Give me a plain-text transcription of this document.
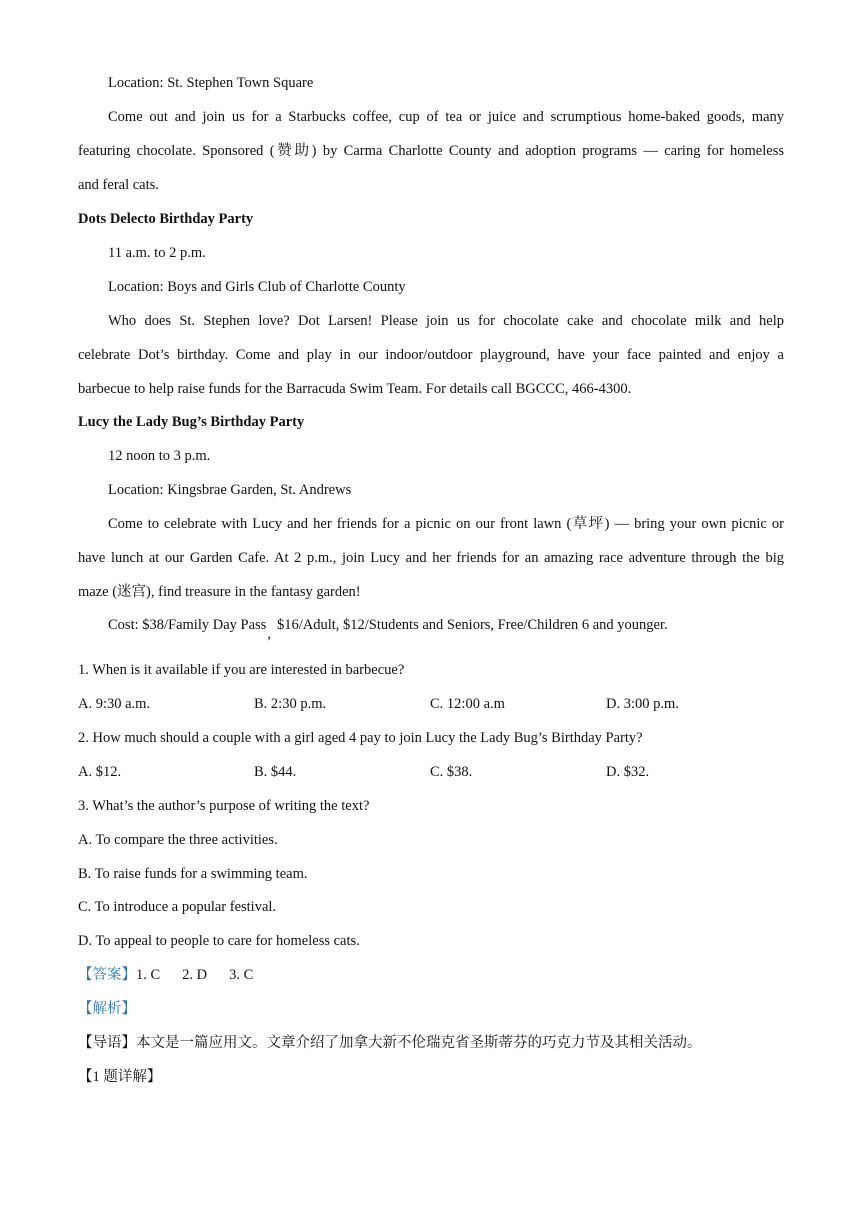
Location: St. Stephen Town Square
Come out and join us for a Starbucks coffee, cup of tea or juice and scrumptious home-baked goods, many
featuring chocolate. Sponsored (赞助) by Carma Charlotte County and adoption programs — caring for homeless
and feral cats.
Dots Delecto Birthday Party
11 a.m. to 2 p.m.
Location: Boys and Girls Club of Charlotte County
Who does St. Stephen love? Dot Larsen! Please join us for chocolate cake and chocolate milk and help
celebrate Dot’s birthday. Come and play in our indoor/outdoor playground, have your face painted and enjoy a
barbecue to help raise funds for the Barracuda Swim Team. For details call BGCCC, 466-4300.
Lucy the Lady Bug’s Birthday Party
12 noon to 3 p.m.
Location: Kingsbrae Garden, St. Andrews
Come to celebrate with Lucy and her friends for a picnic on our front lawn (草坪) — bring your own picnic or
have lunch at our Garden Cafe. At 2 p.m., join Lucy and her friends for an amazing race adventure through the big
maze (迷宫), find treasure in the fantasy garden!
Cost: $38/Family Day Pass,$16/Adult, $12/Students and Seniors, Free/Children 6 and younger.
1. When is it available if you are interested in barbecue?
A. 9:30 a.m.	B. 2:30 p.m.	C. 12:00 a.m	D. 3:00 p.m.
2. How much should a couple with a girl aged 4 pay to join Lucy the Lady Bug’s Birthday Party?
A. $12.	B. $44.	C. $38.	D. $32.
3. What’s the author’s purpose of writing the text?
A. To compare the three activities.
B. To raise funds for a swimming team.
C. To introduce a popular festival.
D. To appeal to people to care for homeless cats.
【答案】1. C 2. D 3. C
【解析】
【导语】本文是一篇应用文。文章介绍了加拿大新不伦瑞克省圣斯蒂芬的巧克力节及其相关活动。
【1 题详解】
